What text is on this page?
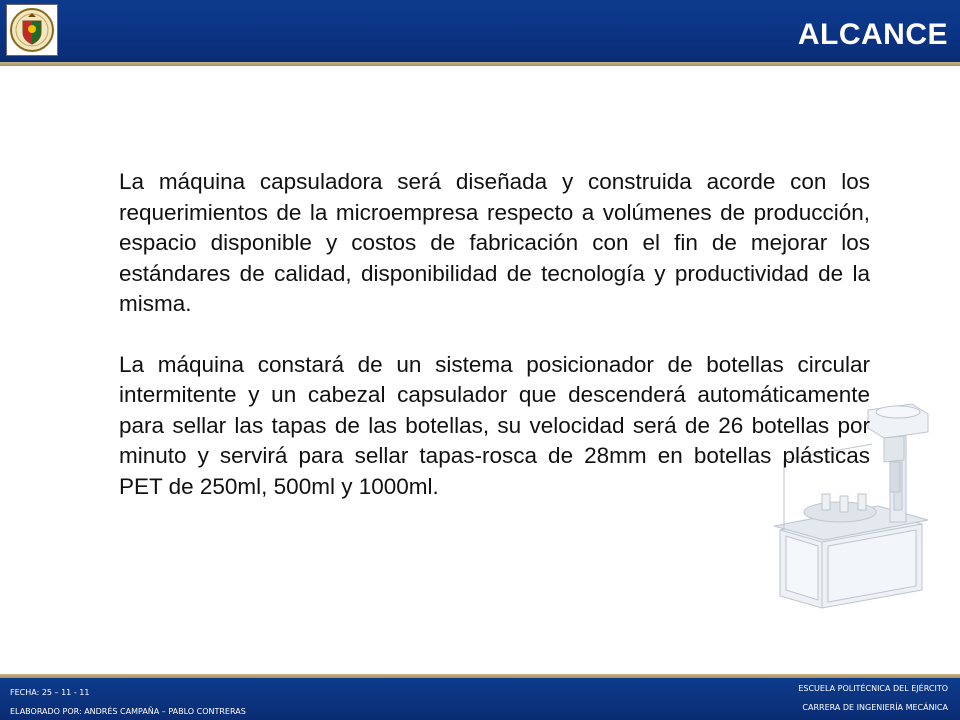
ALCANCE

La máquina capsuladora será diseñada y construida acorde con los requerimientos de la microempresa respecto a volúmenes de producción, espacio disponible y costos de fabricación con el fin de mejorar los estándares de calidad, disponibilidad de tecnología y productividad de la misma.

La máquina constará de un sistema posicionador de botellas circular intermitente y un cabezal capsulador que descenderá automáticamente para sellar las tapas de las botellas, su velocidad será de 26 botellas por minuto y servirá para sellar tapas-rosca de 28mm en botellas plásticas PET de 250ml, 500ml y 1000ml.

FECHA: 25 – 11 - 11
ELABORADO POR: ANDRÉS CAMPAÑA – PABLO CONTRERAS
ESCUELA POLITÉCNICA DEL EJÉRCITO
CARRERA DE INGENIERÍA MECÁNICA
